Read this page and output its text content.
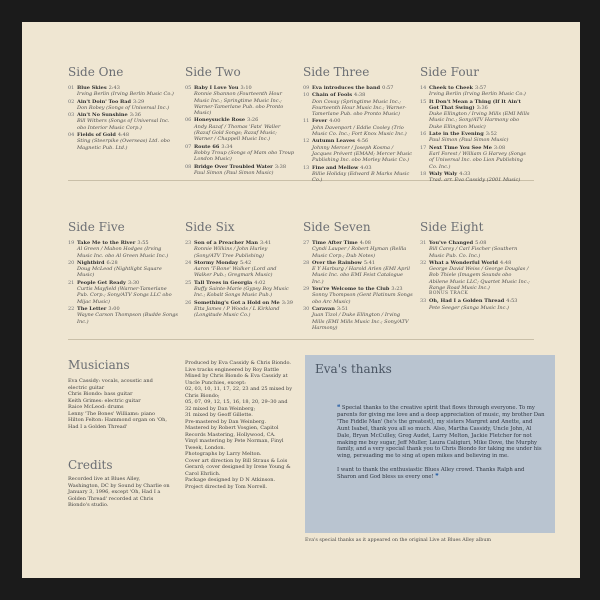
Musicians

Eva Cassidy: vocals, acoustic and electric guitar

Chris Biondo: bass guitar

Keith Grimes: electric guitar

Raice McLeod: drums

Lenny 'The Bones' Williams: piano

Hilton Felton: Hammond organ on 'Oh, Had I a Golden Thread'

Credits

Recorded live at Blues Alley, Washington, DC by Sound by Charlie on January 3, 1996, except 'Oh, Had I a Golden Thread' recorded at Chris Biondo's studio.

Produced by Eva Cassidy & Chris Biondo.

Live tracks engineered by Roy Battle

Mixed by Chris Biondo & Eva Cassidy at Uncle Punchies, except:

02, 03, 10, 11, 17, 22, 23 and 25 mixed by Chris Biondo;

05, 07, 09, 12, 15, 16, 18, 20, 29–30 and 32 mixed by Dan Weinberg;

31 mixed by Geoff Gillette.

Pre-mastered by Dan Weinberg.

Mastered by Robert Vosgien, Capitol Records Mastering, Hollywood, CA.

Vinyl mastering by Pete Norman, Finyl Tweek, London.

Photographs by Larry Melton.

Cover art direction by Bill Straus & Lois Gerard; cover designed by Irene Young & Carol Ehrlich.

Package designed by D N Atkinson.

Project directed by Tom Norrell.

Eva's thanks

❝ Special thanks to the creative spirit that flows through everyone. To my parents for giving me love and a deep appreciation of music, my brother Dan 'The Fiddle Man' (he's the greatest), my sisters Margret and Anette, and Aunt Isabel, thank you all so much. Also, Martha Cassidy, Uncle John, Al Dale, Bryan McCulley, Greg Audet, Larry Melton, Jackie Fletcher for not making me buy sugar, Jeff Muller, Laura Caligiuri, Mike Dove, the Murphy family, and a very special thank you to Chris Biondo for taking me under his wing, persuading me to sing at open mikes and believing in me.

I want to thank the enthusiastic Blues Alley crowd. Thanks Ralph and Sharon and God bless us every one! ❞

Eva's special thanks as it appeared on the original Live at Blues Alley album
Side One
01 Blue Skies 2:43
Irving Berlin (Irving Berlin Music Co.)
02 Ain't Doin' Too Bad 3:29
Don Robey (Songs of Universal Inc.)
03 Ain't No Sunshine 3:36
Bill Withers (Songs of Universal Inc. obo Interior Music Corp.)
04 Fields of Gold 4:48
Sting (Steerpike (Overseas) Ltd. obo Magnetic Pub. Ltd.)
Side Two
05 Baby I Love You 3:10
Ronnie Shannon (Fourteenth Hour Music Inc.; Springtime Music Inc.; Warner-Tamerlane Pub. obo Pronto Music)
06 Honeysuckle Rose 3:26
Andy Razaf / Thomas 'Fats' Waller (Razaf Gold Songs; Razaf Music; Warner / Chappell Music Inc.)
07 Route 66 3:34
Bobby Troup (Songs of Mam obo Troup London Music)
08 Bridge Over Troubled Water 3:38
Paul Simon (Paul Simon Music)
Side Three
09 Eva introduces the band 0:57
10 Chain of Fools 4:38
Don Covay (Springtime Music Inc.; Fourteenth Hour Music Inc.; Warner-Tamerlane Pub. obo Pronto Music)
11 Fever 4:00
John Davenport / Eddie Cooley (Trio Music Co. Inc.; Fort Knox Music Inc.)
12 Autumn Leaves 4:56
Johnny Mercer / Joseph Kosma / Jacques Prévert (EMAM; Mercer Music Publishing Inc. obo Morley Music Co.)
13 Fine and Mellow 4:03
Billie Holiday (Edward B Marks Music Co.)
Side Four
14 Cheek to Cheek 3:57
Irving Berlin (Irving Berlin Music Co.)
15 It Don't Mean a Thing (If It Ain't Got That Swing) 3:36
Duke Ellington / Irving Mills (EMI Mills Music Inc.; Sony/ATV Harmony obo Duke Ellington Music)
16 Late in the Evening 3:52
Paul Simon (Paul Simon Music)
17 Next Time You See Me 3:08
Earl Forest / William G Harvey (Songs of Universal Inc. obo Lion Publishing Co. Inc.)
18 Waly Waly 4:33
Trad. arr. Eva Cassidy (2001 Music)
Side Five
19 Take Me to the River 3:55
Al Green / Mabon Hodges (Irving Music Inc. obo Al Green Music Inc.)
20 Nightbird 6:28
Doug McLeod (Nightlight Square Music)
21 People Get Ready 3:30
Curtis Mayfield (Warner-Tamerlane Pub. Corp.; Sony/ATV Songs LLC obo Mijac Music)
22 The Letter 3:00
Wayne Carson Thompson (Budde Songs Inc.)
Side Six
23 Son of a Preacher Man 3:41
Ronnie Wilkins / John Hurley (Sony/ATV Tree Publishing)
24 Stormy Monday 5:42
Aaron 'T-Bone' Walker (Lord and Walker Pub.; Gregmark Music)
25 Tall Trees in Georgia 4:02
Buffy Sainte-Marie (Gypsy Boy Music Inc.; Kobalt Songs Music Pub.)
26 Something's Got a Hold on Me 3:39
Etta James / P Woods / L Kirkland (Longitude Music Co.)
Side Seven
27 Time After Time 4:08
Cyndi Lauper / Robert Hyman (Rellla Music Corp.; Dub Notes)
28 Over the Rainbow 5:41
E Y Harburg / Harold Arlen (EMI April Music Inc. obo EMI Feist Catalogue Inc.)
29 You're Welcome to the Club 3:23
Sonny Thompson (Gent Platinum Songs obo Arc Music)
30 Caravan 3:51
Juan Tizol / Duke Ellington / Irving Mills (EMI Mills Music Inc.; Sony/ATV Harmony)
Side Eight
31 You've Changed 5:08
Bill Carey / Carl Fischer (Southern Music Pub. Co. Inc.)
32 What a Wonderful World 4:48
George David Weiss / George Douglas / Bob Thiele (Imagem Sounds obo Abilene Music LLC; Quartet Music Inc.; Range Road Music Inc.)
BONUS TRACK
33 Oh, Had I a Golden Thread 4:53
Pete Seeger (Sanga Music Inc.)
